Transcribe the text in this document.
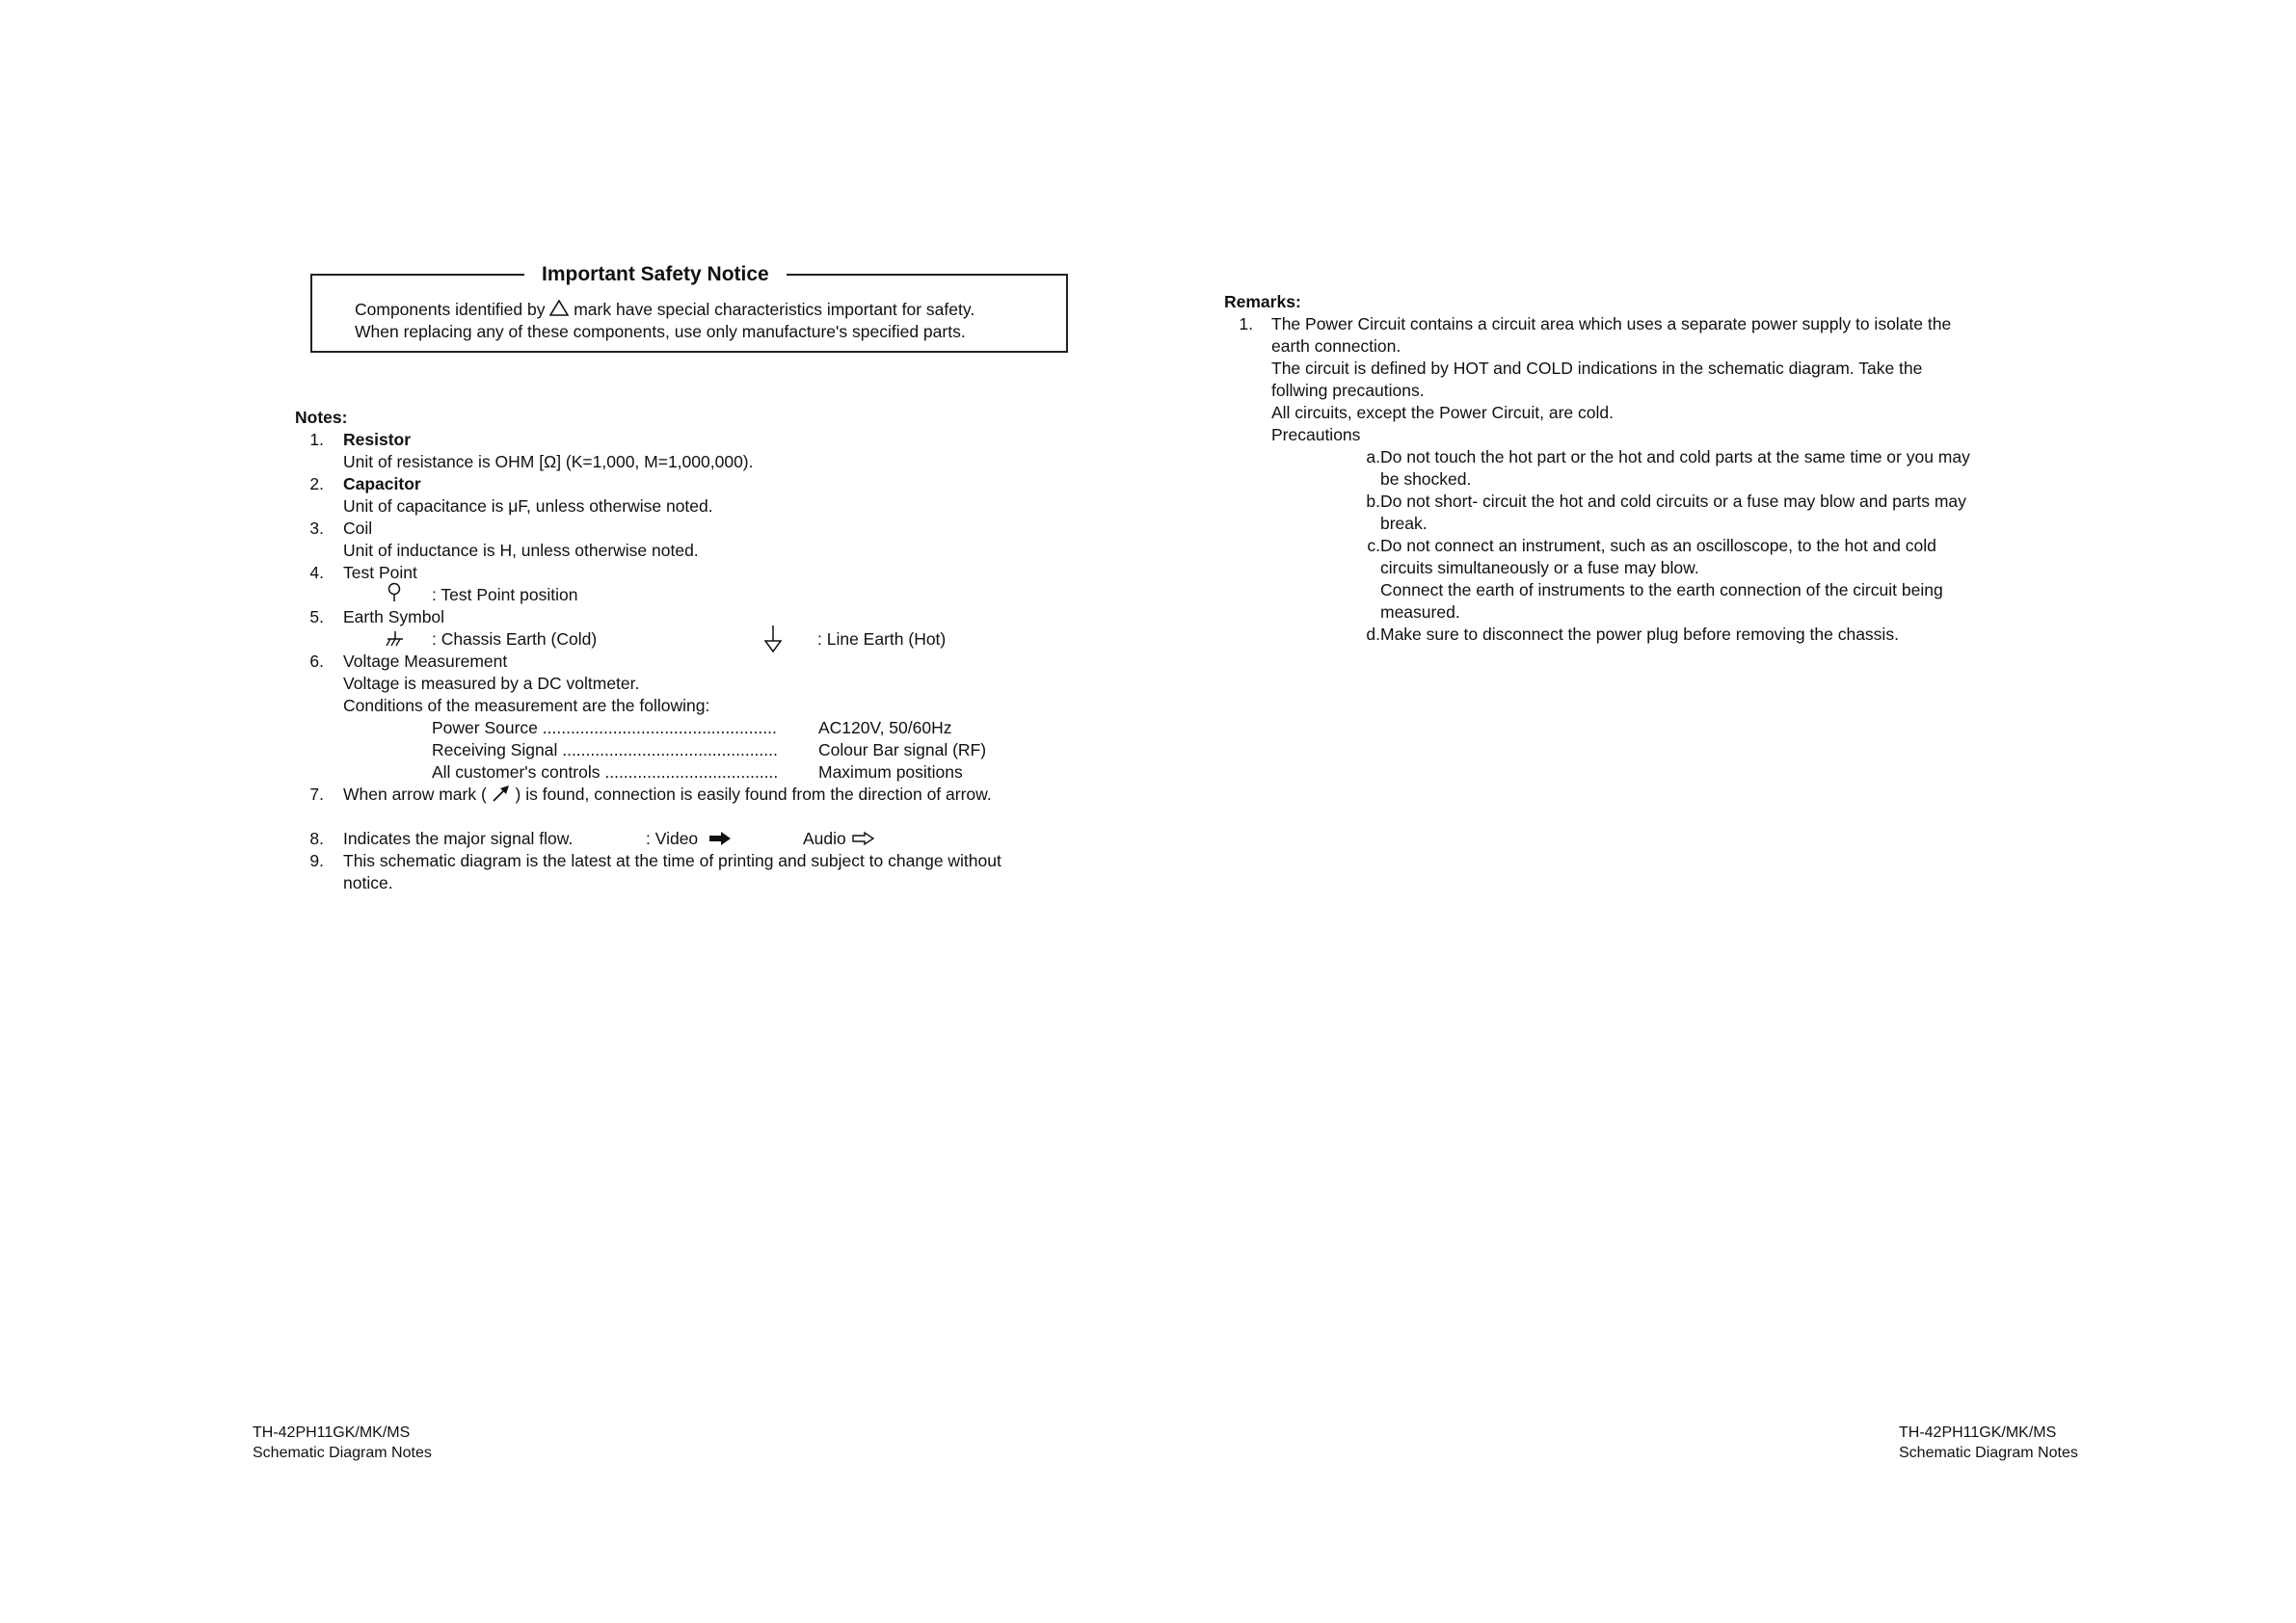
Important Safety Notice
Components identified by mark have special characteristics important for safety.
When replacing any of these components, use only manufacture's specified parts.
Notes:
1. Resistor
Unit of resistance is OHM [Ω] (K=1,000, M=1,000,000).
2. Capacitor
Unit of capacitance is μF, unless otherwise noted.
3. Coil
Unit of inductance is H, unless otherwise noted.
4. Test Point
: Test Point position
5. Earth Symbol
: Chassis Earth (Cold)	: Line Earth (Hot)
6. Voltage Measurement
Voltage is measured by a DC voltmeter.
Conditions of the measurement are the following:
Power Source .................................................. AC120V, 50/60Hz
Receiving Signal .............................................. Colour Bar signal (RF)
All customer's controls ..................................... Maximum positions
7. When arrow mark ( ) is found, connection is easily found from the direction of arrow.
8. Indicates the major signal flow.	: Video	Audio
9. This schematic diagram is the latest at the time of printing and subject to change without
notice.
Remarks:
1. The Power Circuit contains a circuit area which uses a separate power supply to isolate the
earth connection.
The circuit is defined by HOT and COLD indications in the schematic diagram. Take the
follwing precautions.
All circuits, except the Power Circuit, are cold.
Precautions
a. Do not touch the hot part or the hot and cold parts at the same time or you may
be shocked.
b. Do not short- circuit the hot and cold circuits or a fuse may blow and parts may
break.
c. Do not connect an instrument, such as an oscilloscope, to the hot and cold
circuits simultaneously or a fuse may blow.
Connect the earth of instruments to the earth connection of the circuit being
measured.
d. Make sure to disconnect the power plug before removing the chassis.
TH-42PH11GK/MK/MS
Schematic Diagram Notes
TH-42PH11GK/MK/MS
Schematic Diagram Notes
